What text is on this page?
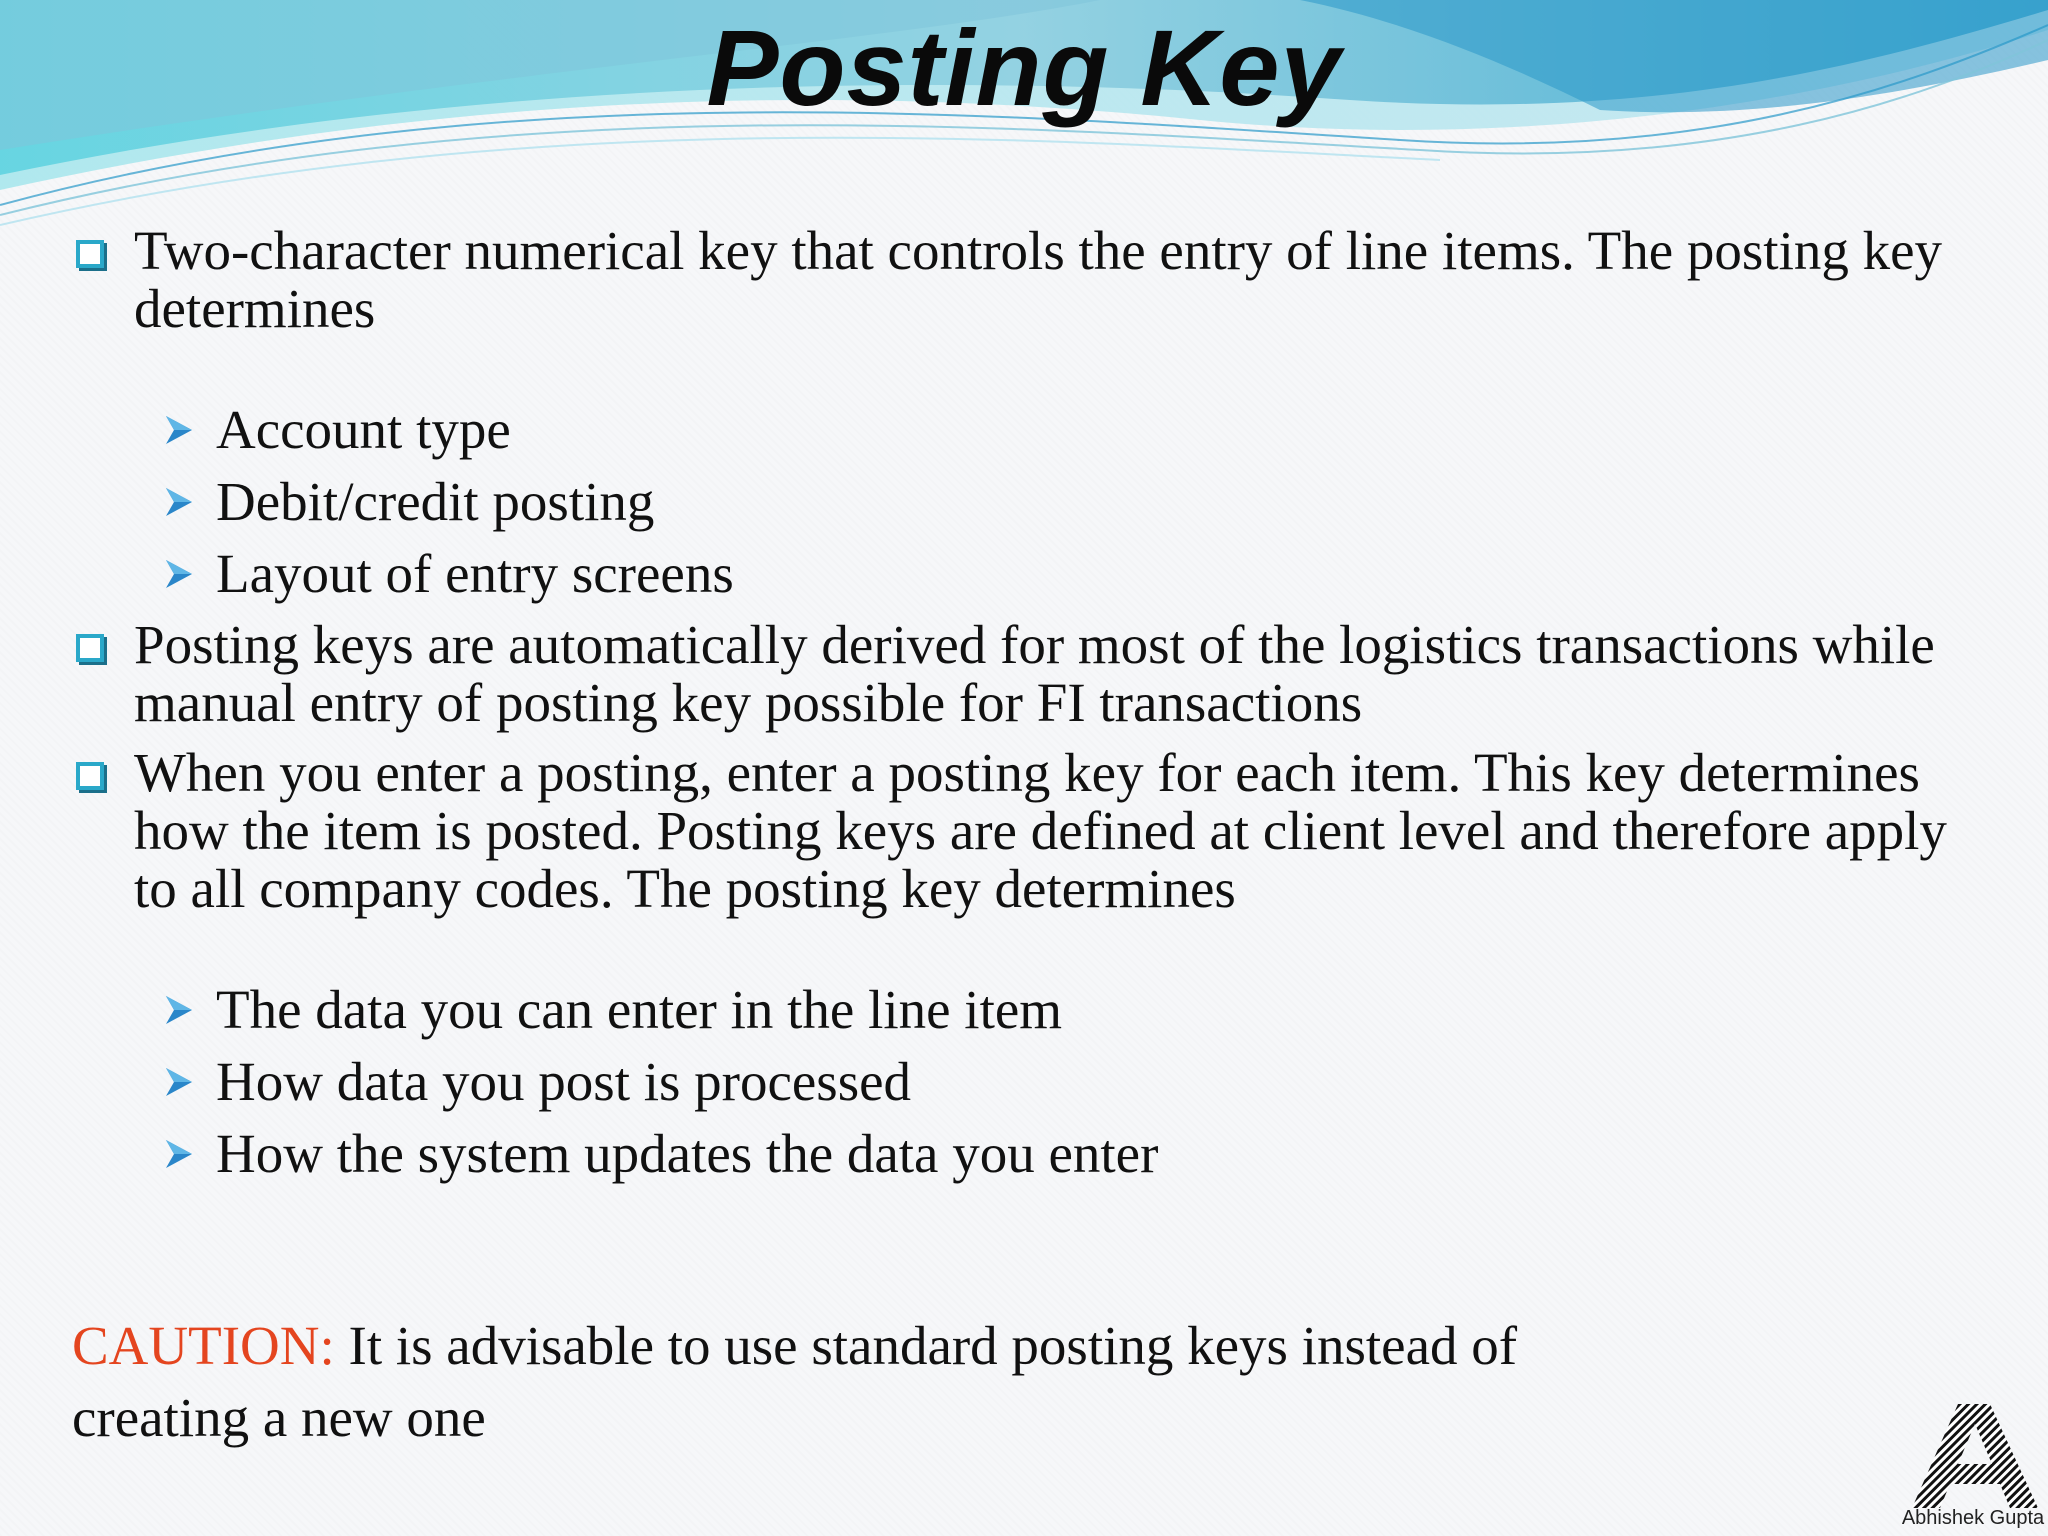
Posting Key

Two-character numerical key that controls the entry of line items. The posting key determines

Account type
Debit/credit posting
Layout of entry screens

Posting keys are automatically derived for most of the logistics transactions while manual entry of posting key possible for FI transactions

When you enter a posting, enter a posting key for each item. This key determines how the item is posted. Posting keys are defined at client level and therefore apply to all company codes. The posting key determines

The data you can enter in the line item
How data you post is processed
How the system updates the data you enter

CAUTION: It is advisable to use standard posting keys instead of creating a new one

Abhishek Gupta
